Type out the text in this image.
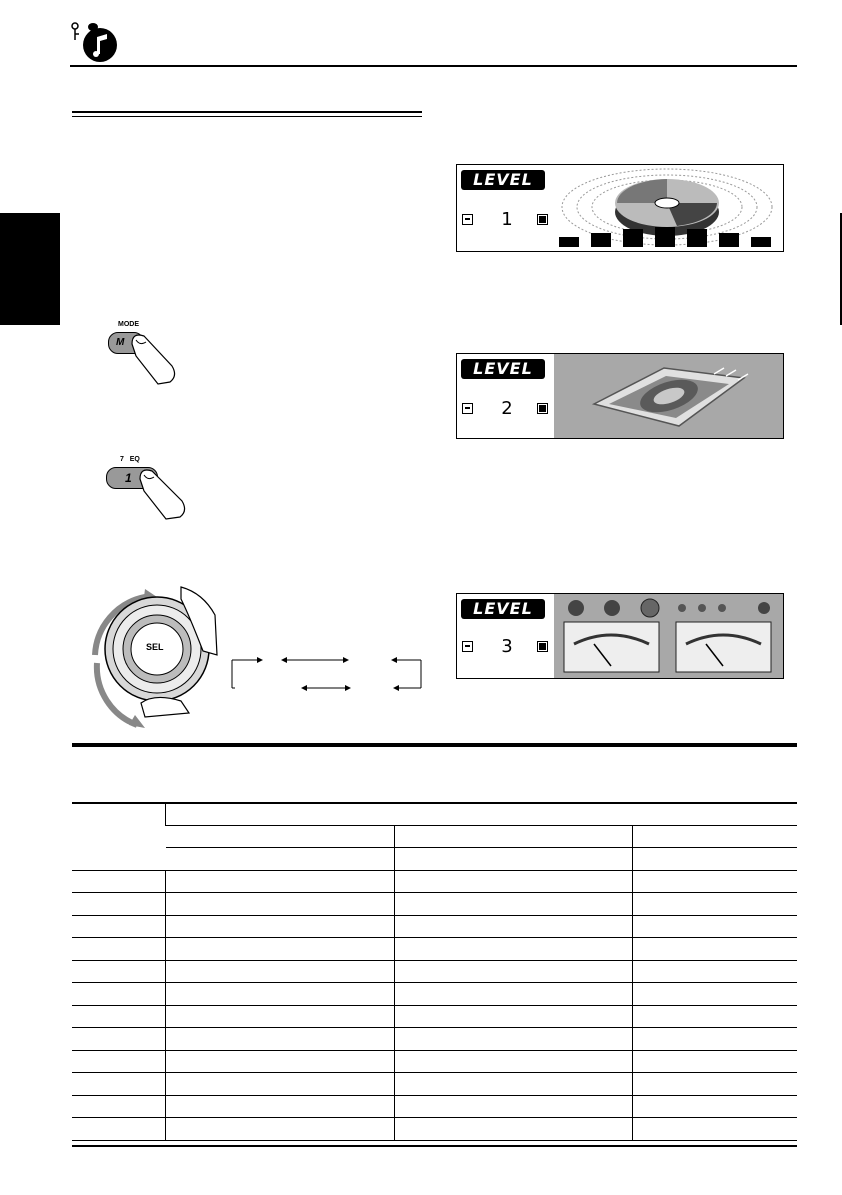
LEVEL
1
LEVEL
2
LEVEL
3
MODE
M
7   EQ
1
SEL
